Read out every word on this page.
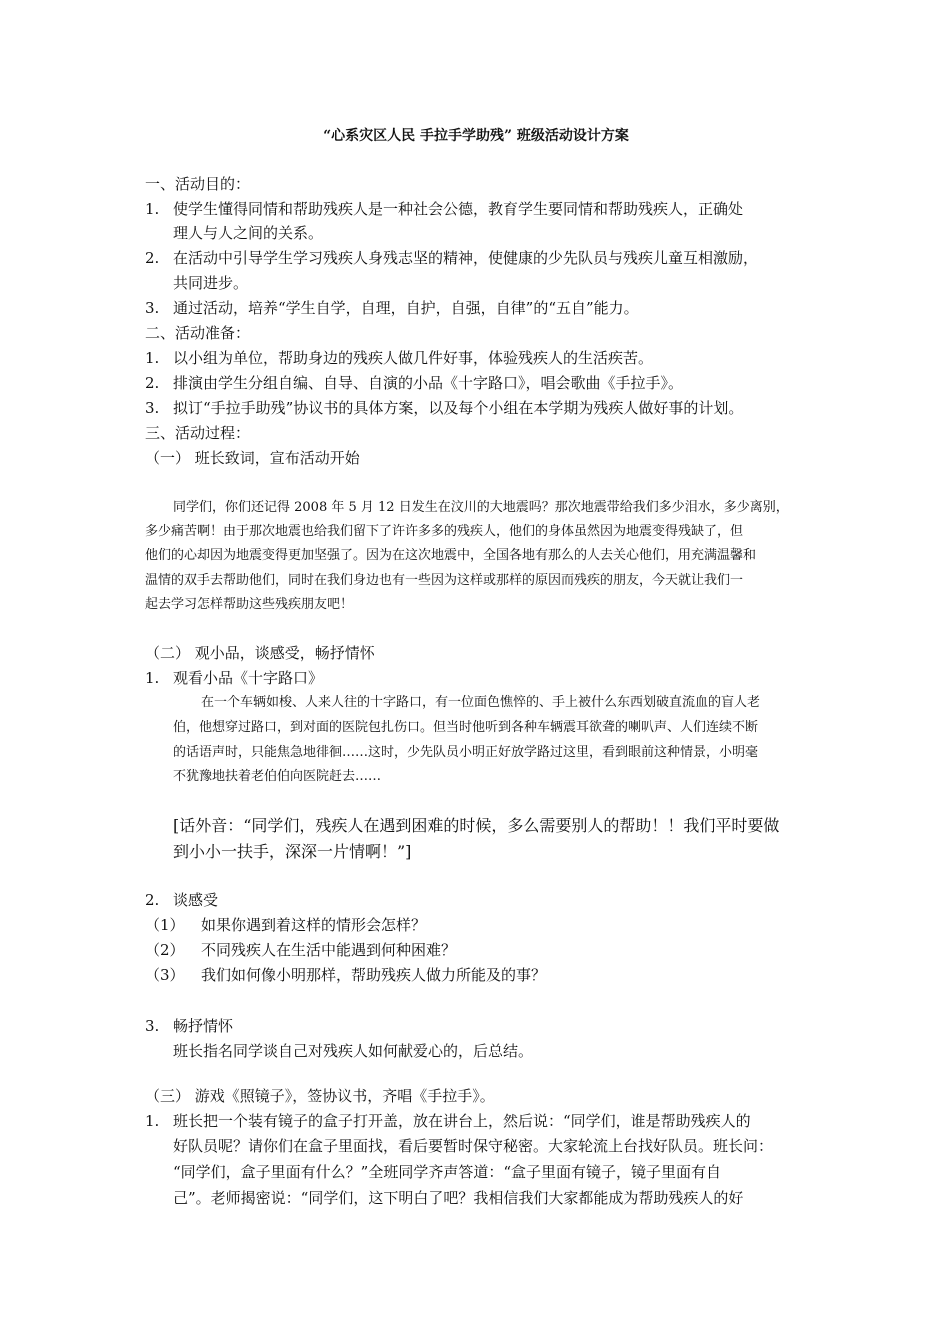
“心系灾区人民 手拉手学助残” 班级活动设计方案
一、活动目的：
1. 使学生懂得同情和帮助残疾人是一种社会公德，教育学生要同情和帮助残疾人，正确处
理人与人之间的关系。
2. 在活动中引导学生学习残疾人身残志坚的精神，使健康的少先队员与残疾儿童互相激励，
共同进步。
3. 通过活动，培养“学生自学，自理，自护，自强，自律”的“五自”能力。
二、活动准备：
1. 以小组为单位，帮助身边的残疾人做几件好事，体验残疾人的生活疾苦。
2. 排演由学生分组自编、自导、自演的小品《十字路口》，唱会歌曲《手拉手》。
3. 拟订“手拉手助残”协议书的具体方案，以及每个小组在本学期为残疾人做好事的计划。
三、活动过程：
（一） 班长致词，宣布活动开始
同学们，你们还记得 2008 年 5 月 12 日发生在汶川的大地震吗？那次地震带给我们多少泪水，多少离别，
多少痛苦啊！由于那次地震也给我们留下了许许多多的残疾人，他们的身体虽然因为地震变得残缺了，但
他们的心却因为地震变得更加坚强了。因为在这次地震中，全国各地有那么的人去关心他们，用充满温馨和
温情的双手去帮助他们，同时在我们身边也有一些因为这样或那样的原因而残疾的朋友，今天就让我们一
起去学习怎样帮助这些残疾朋友吧！
（二） 观小品，谈感受，畅抒情怀
1. 观看小品《十字路口》
在一个车辆如梭、人来人往的十字路口，有一位面色憔悴的、手上被什么东西划破直流血的盲人老
伯，他想穿过路口，到对面的医院包扎伤口。但当时他听到各种车辆震耳欲聋的喇叭声、人们连续不断
的话语声时，只能焦急地徘徊……这时，少先队员小明正好放学路过这里，看到眼前这种情景，小明毫
不犹豫地扶着老伯伯向医院赶去……
[话外音：“同学们，残疾人在遇到困难的时候，多么需要别人的帮助！！我们平时要做
到小小一扶手，深深一片情啊！”]
2. 谈感受
（1） 如果你遇到着这样的情形会怎样？
（2） 不同残疾人在生活中能遇到何种困难？
（3） 我们如何像小明那样，帮助残疾人做力所能及的事？
3. 畅抒情怀
班长指名同学谈自己对残疾人如何献爱心的，后总结。
（三） 游戏《照镜子》，签协议书，齐唱《手拉手》。
1. 班长把一个装有镜子的盒子打开盖，放在讲台上，然后说：“同学们，谁是帮助残疾人的
好队员呢？请你们在盒子里面找，看后要暂时保守秘密。大家轮流上台找好队员。班长问：
“同学们，盒子里面有什么？”全班同学齐声答道：“盒子里面有镜子，镜子里面有自
己”。老师揭密说：“同学们，这下明白了吧？我相信我们大家都能成为帮助残疾人的好
